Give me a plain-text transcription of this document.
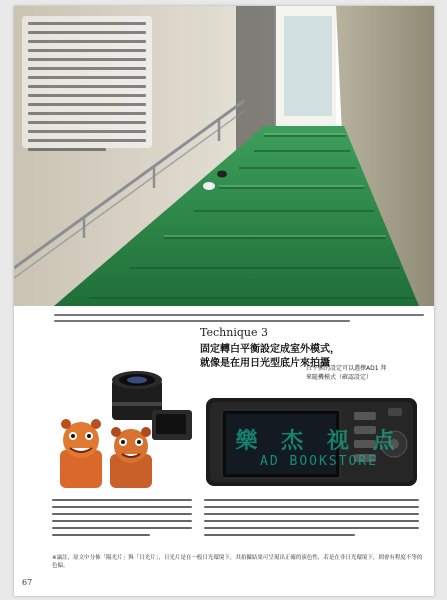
Technique 3
固定轉白平衡設定成室外模式，
就像是在用日光型底片來拍攝
白平衡的設定可以選擇AD1 拜
來隨機模式（確認設定）
樂 杰 视 点
AD BOOKSTORE
※論註，原文中分佈「陽光片」與「日光片」，日光片是在一般日光環境下，其拍攝結果可呈現出正確的演色性，若是在非日光環境下，則會有程度不等的色偏。
67
